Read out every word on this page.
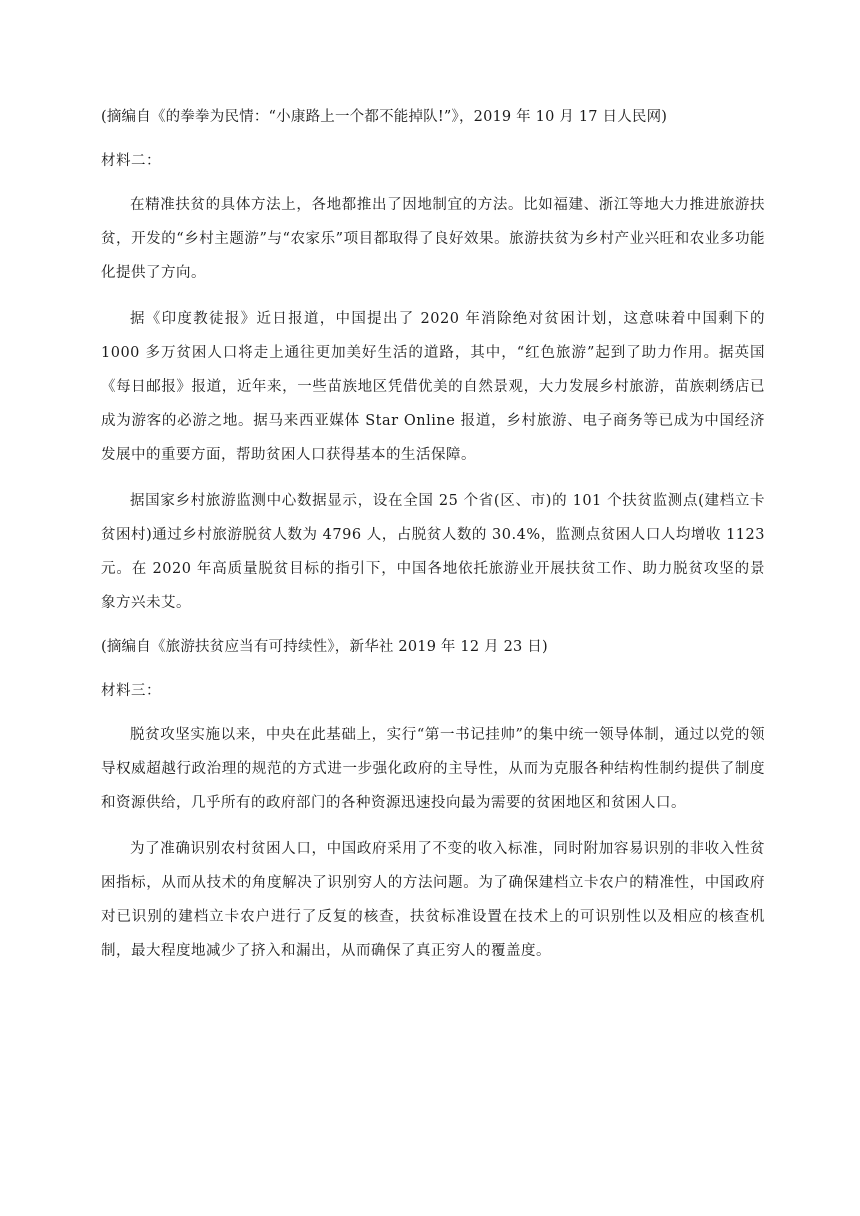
(摘编自《的拳拳为民情：“小康路上一个都不能掉队!”》，2019 年 10 月 17 日人民网)

材料二：

在精准扶贫的具体方法上，各地都推出了因地制宜的方法。比如福建、浙江等地大力推进旅游扶贫，开发的“乡村主题游”与“农家乐”项目都取得了良好效果。旅游扶贫为乡村产业兴旺和农业多功能化提供了方向。

据《印度教徒报》近日报道，中国提出了 2020 年消除绝对贫困计划，这意味着中国剩下的 1000 多万贫困人口将走上通往更加美好生活的道路，其中，“红色旅游”起到了助力作用。据英国《每日邮报》报道，近年来，一些苗族地区凭借优美的自然景观，大力发展乡村旅游，苗族刺绣店已成为游客的必游之地。据马来西亚媒体 Star Online 报道，乡村旅游、电子商务等已成为中国经济发展中的重要方面，帮助贫困人口获得基本的生活保障。

据国家乡村旅游监测中心数据显示，设在全国 25 个省(区、市)的 101 个扶贫监测点(建档立卡贫困村)通过乡村旅游脱贫人数为 4796 人，占脱贫人数的 30.4%，监测点贫困人口人均增收 1123 元。在 2020 年高质量脱贫目标的指引下，中国各地依托旅游业开展扶贫工作、助力脱贫攻坚的景象方兴未艾。

(摘编自《旅游扶贫应当有可持续性》，新华社 2019 年 12 月 23 日)

材料三：

脱贫攻坚实施以来，中央在此基础上，实行“第一书记挂帅”的集中统一领导体制，通过以党的领导权威超越行政治理的规范的方式进一步强化政府的主导性，从而为克服各种结构性制约提供了制度和资源供给，几乎所有的政府部门的各种资源迅速投向最为需要的贫困地区和贫困人口。

为了准确识别农村贫困人口，中国政府采用了不变的收入标准，同时附加容易识别的非收入性贫困指标，从而从技术的角度解决了识别穷人的方法问题。为了确保建档立卡农户的精准性，中国政府对已识别的建档立卡农户进行了反复的核查，扶贫标准设置在技术上的可识别性以及相应的核查机制，最大程度地减少了挤入和漏出，从而确保了真正穷人的覆盖度。
